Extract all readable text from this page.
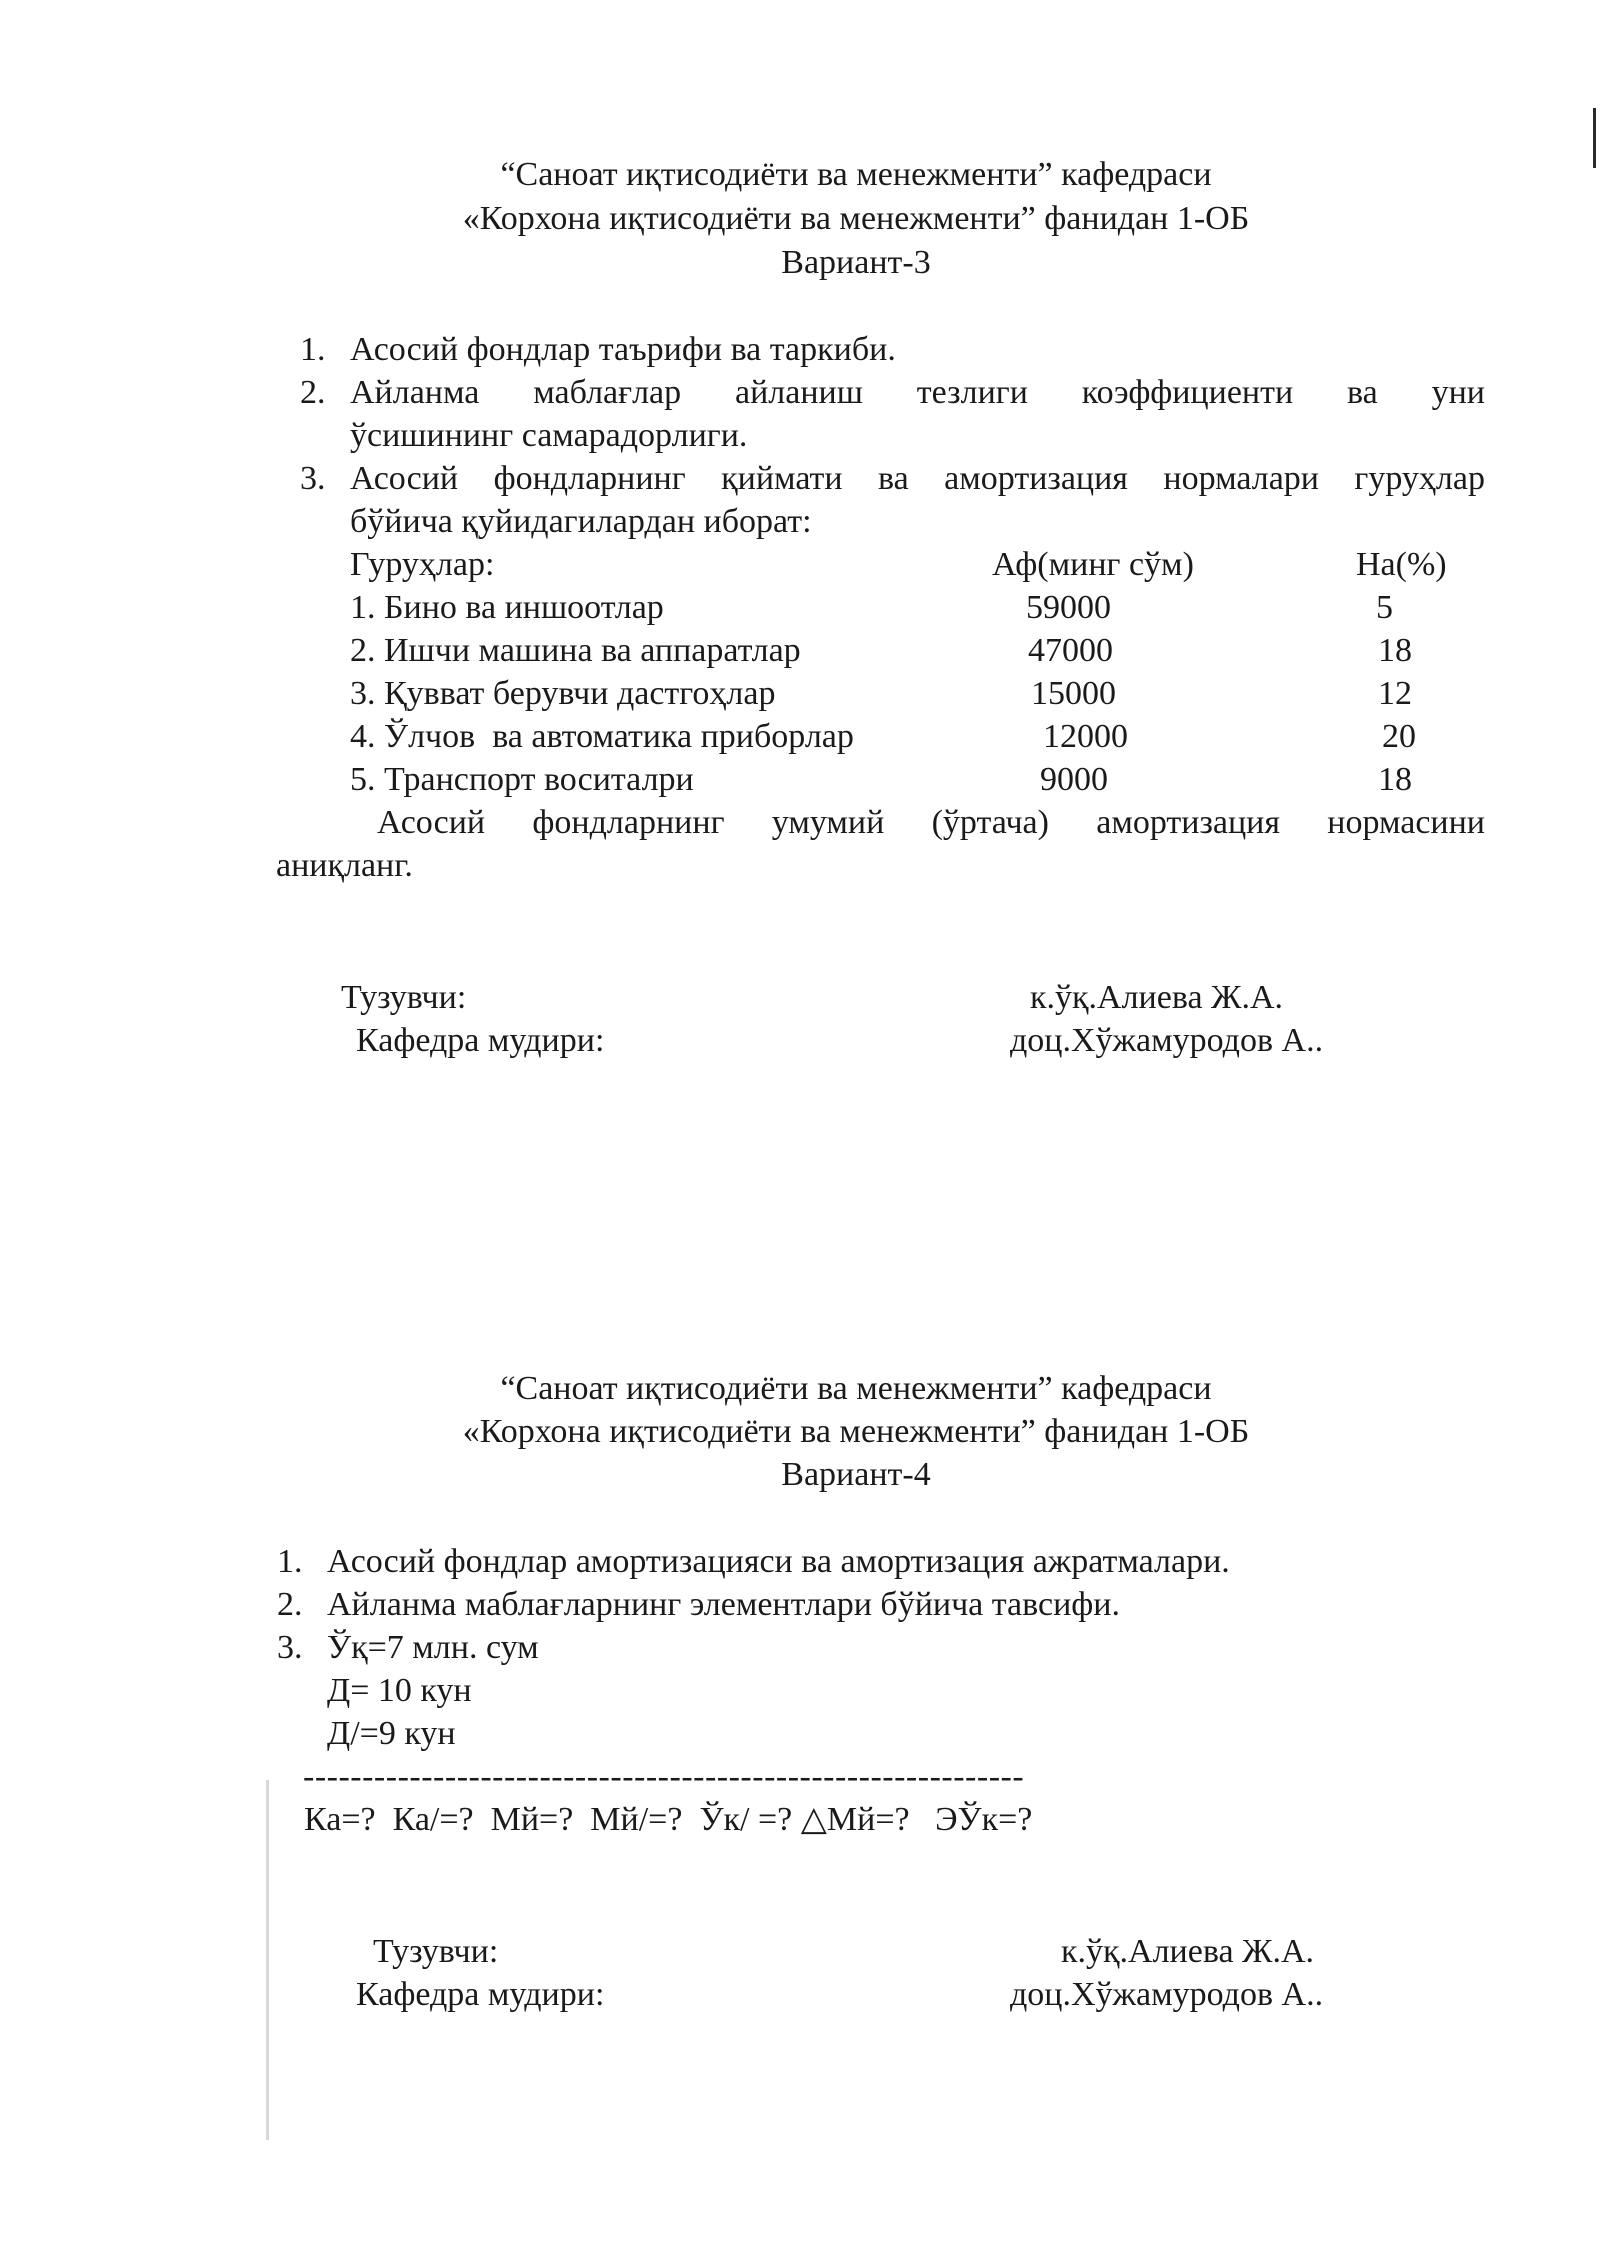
“Саноат иқтисодиёти ва менежменти” кафедраси
«Корхона иқтисодиёти ва менежменти” фанидан 1-ОБ
Вариант-3
1. Асосий фондлар таърифи ва таркиби.
2. Айланма маблағлар айланиш тезлиги коэффициенти ва уни
ўсишининг самарадорлиги.
3. Асосий фондларнинг қиймати ва амортизация нормалари гуруҳлар
бўйича қуйидагилардан иборат:
Гуруҳлар:	Аф(минг сўм)	На(%)
1. Бино ва иншоотлар	59000	5
2. Ишчи машина ва аппаратлар	47000	18
3. Қувват берувчи дастгоҳлар	15000	12
4. Ўлчов  ва автоматика приборлар	12000	20
5. Транспорт воситалри	9000	18
Асосий фондларнинг умумий (ўртача) амортизация нормасини
аниқланг.
Тузувчи:	к.ўқ.Алиева Ж.А.
Кафедра мудири:	доц.Хўжамуродов А..
“Саноат иқтисодиёти ва менежменти” кафедраси
«Корхона иқтисодиёти ва менежменти” фанидан 1-ОБ
Вариант-4
1. Асосий фондлар амортизацияси ва амортизация ажратмалари.
2. Айланма маблағларнинг элементлари бўйича тавсифи.
3. Ўқ=7 млн. сум
Д= 10 кун
Д/=9 кун
-------------------------------------------------------------
Ка=?  Ка/=?  Мй=?  Мй/=?  Ўк/ =? △Мй=?   ЭЎк=?
Тузувчи:	к.ўқ.Алиева Ж.А.
Кафедра мудири:	доц.Хўжамуродов А..
